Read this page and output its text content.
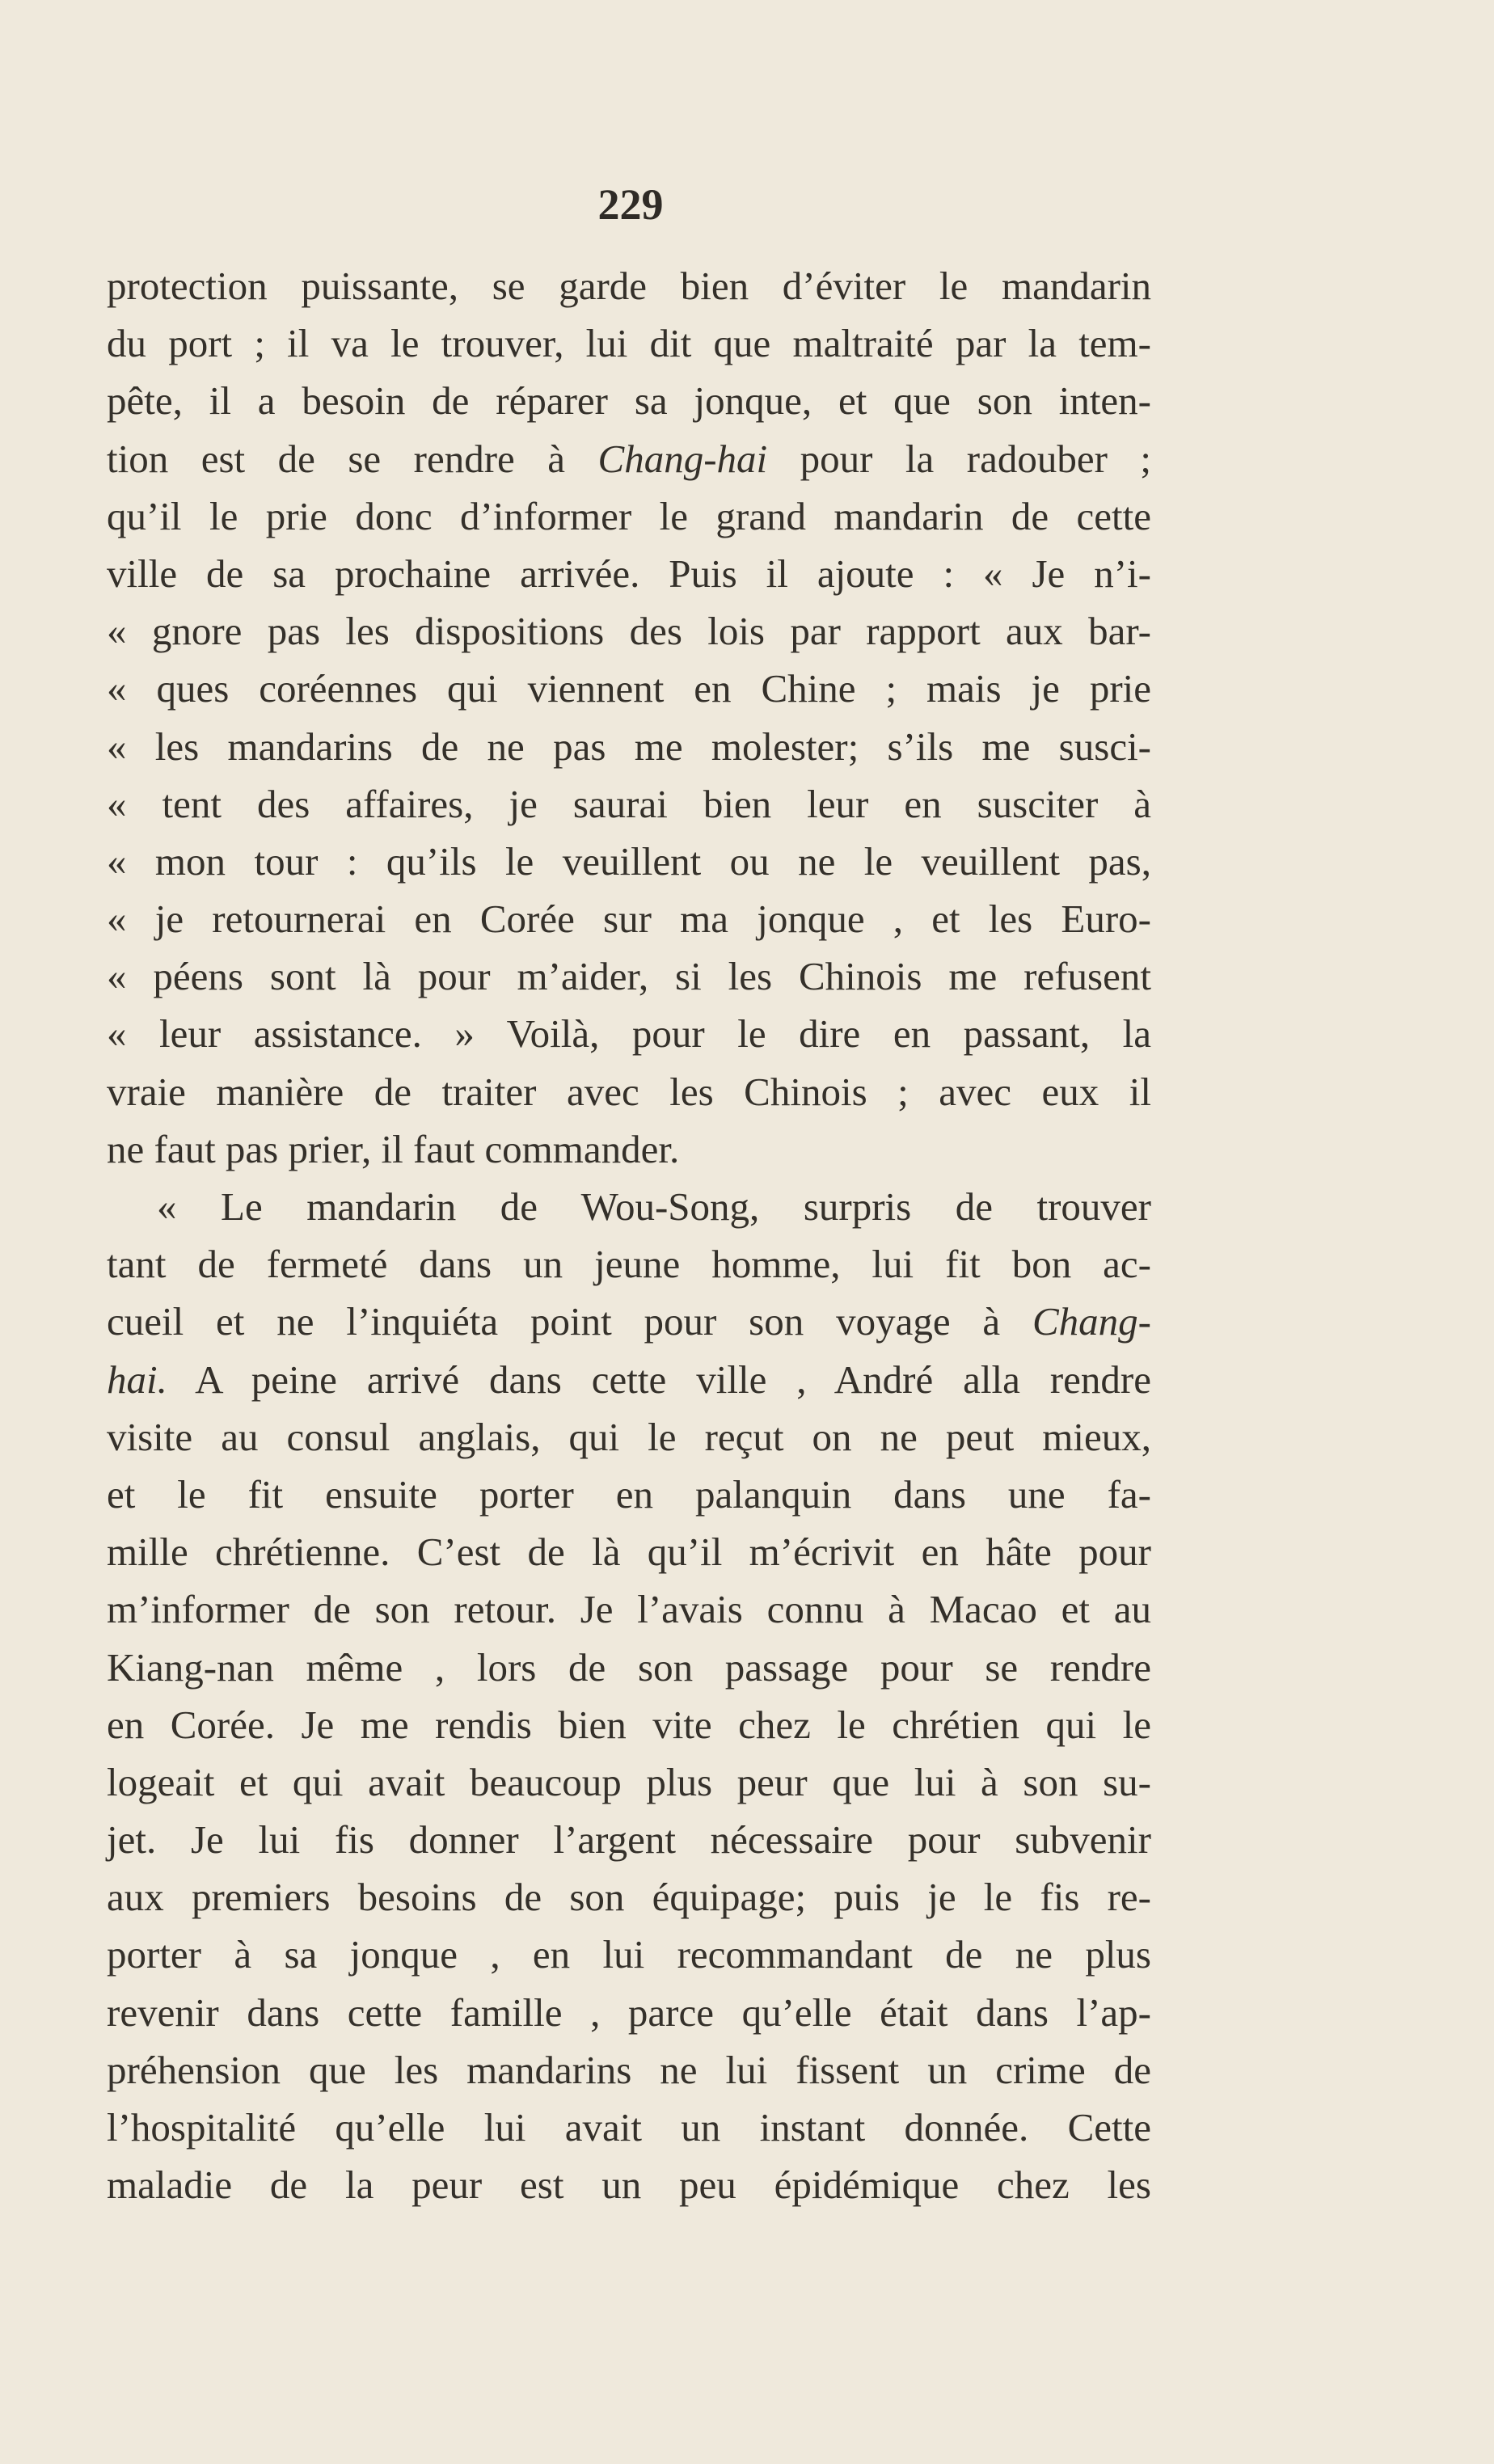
229
protection puissante, se garde bien d’éviter le mandarin
du port ; il va le trouver, lui dit que maltraité par la tem-
pête, il a besoin de réparer sa jonque, et que son inten-
tion est de se rendre à Chang-hai pour la radouber ;
qu’il le prie donc d’informer le grand mandarin de cette
ville de sa prochaine arrivée. Puis il ajoute : « Je n’i-
« gnore pas les dispositions des lois par rapport aux bar-
« ques coréennes qui viennent en Chine ; mais je prie
« les mandarins de ne pas me molester; s’ils me susci-
« tent des affaires, je saurai bien leur en susciter à
« mon tour : qu’ils le veuillent ou ne le veuillent pas,
« je retournerai en Corée sur ma jonque , et les Euro-
« péens sont là pour m’aider, si les Chinois me refusent
« leur assistance. » Voilà, pour le dire en passant, la
vraie manière de traiter avec les Chinois ; avec eux il
ne faut pas prier, il faut commander.
« Le mandarin de Wou-Song, surpris de trouver
tant de fermeté dans un jeune homme, lui fit bon ac-
cueil et ne l’inquiéta point pour son voyage à Chang-
hai. A peine arrivé dans cette ville , André alla rendre
visite au consul anglais, qui le reçut on ne peut mieux,
et le fit ensuite porter en palanquin dans une fa-
mille chrétienne. C’est de là qu’il m’écrivit en hâte pour
m’informer de son retour. Je l’avais connu à Macao et au
Kiang-nan même , lors de son passage pour se rendre
en Corée. Je me rendis bien vite chez le chrétien qui le
logeait et qui avait beaucoup plus peur que lui à son su-
jet. Je lui fis donner l’argent nécessaire pour subvenir
aux premiers besoins de son équipage; puis je le fis re-
porter à sa jonque , en lui recommandant de ne plus
revenir dans cette famille , parce qu’elle était dans l’ap-
préhension que les mandarins ne lui fissent un crime de
l’hospitalité qu’elle lui avait un instant donnée. Cette
maladie de la peur est un peu épidémique chez les
